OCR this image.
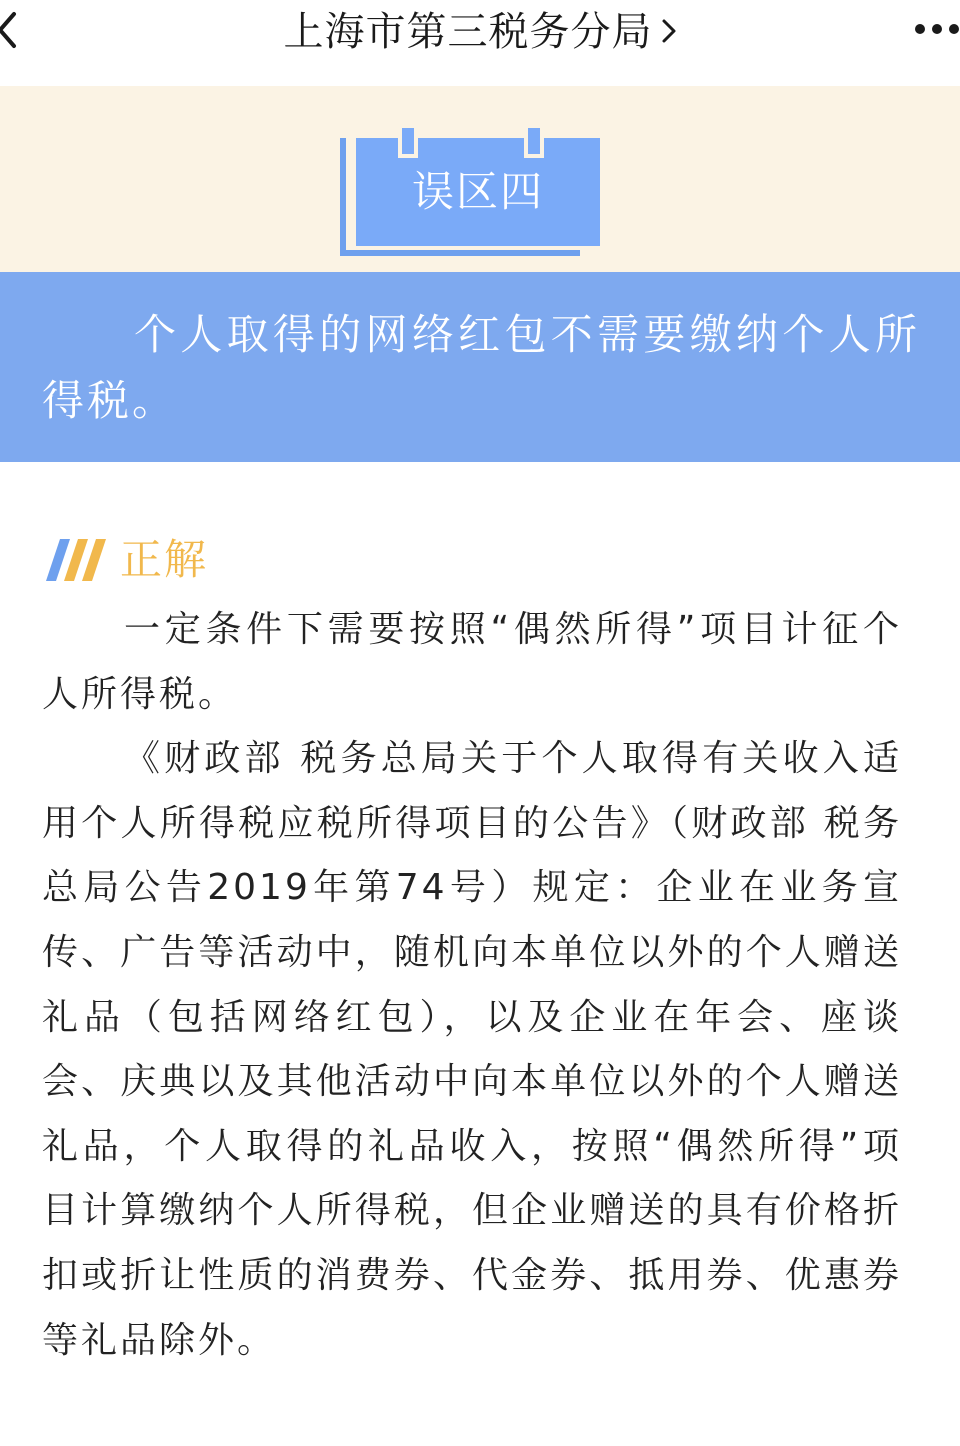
上海市第三税务分局
误区四

个人取得的网络红包不需要缴纳个人所得税。

正解

一定条件下需要按照“偶然所得”项目计征个人所得税。

《财政部 税务总局关于个人取得有关收入适用个人所得税应税所得项目的公告》（财政部 税务总局公告2019年第74号）规定：企业在业务宣传、广告等活动中，随机向本单位以外的个人赠送礼品（包括网络红包），以及企业在年会、座谈会、庆典以及其他活动中向本单位以外的个人赠送礼品，个人取得的礼品收入，按照“偶然所得”项目计算缴纳个人所得税，但企业赠送的具有价格折扣或折让性质的消费券、代金券、抵用券、优惠券等礼品除外。
